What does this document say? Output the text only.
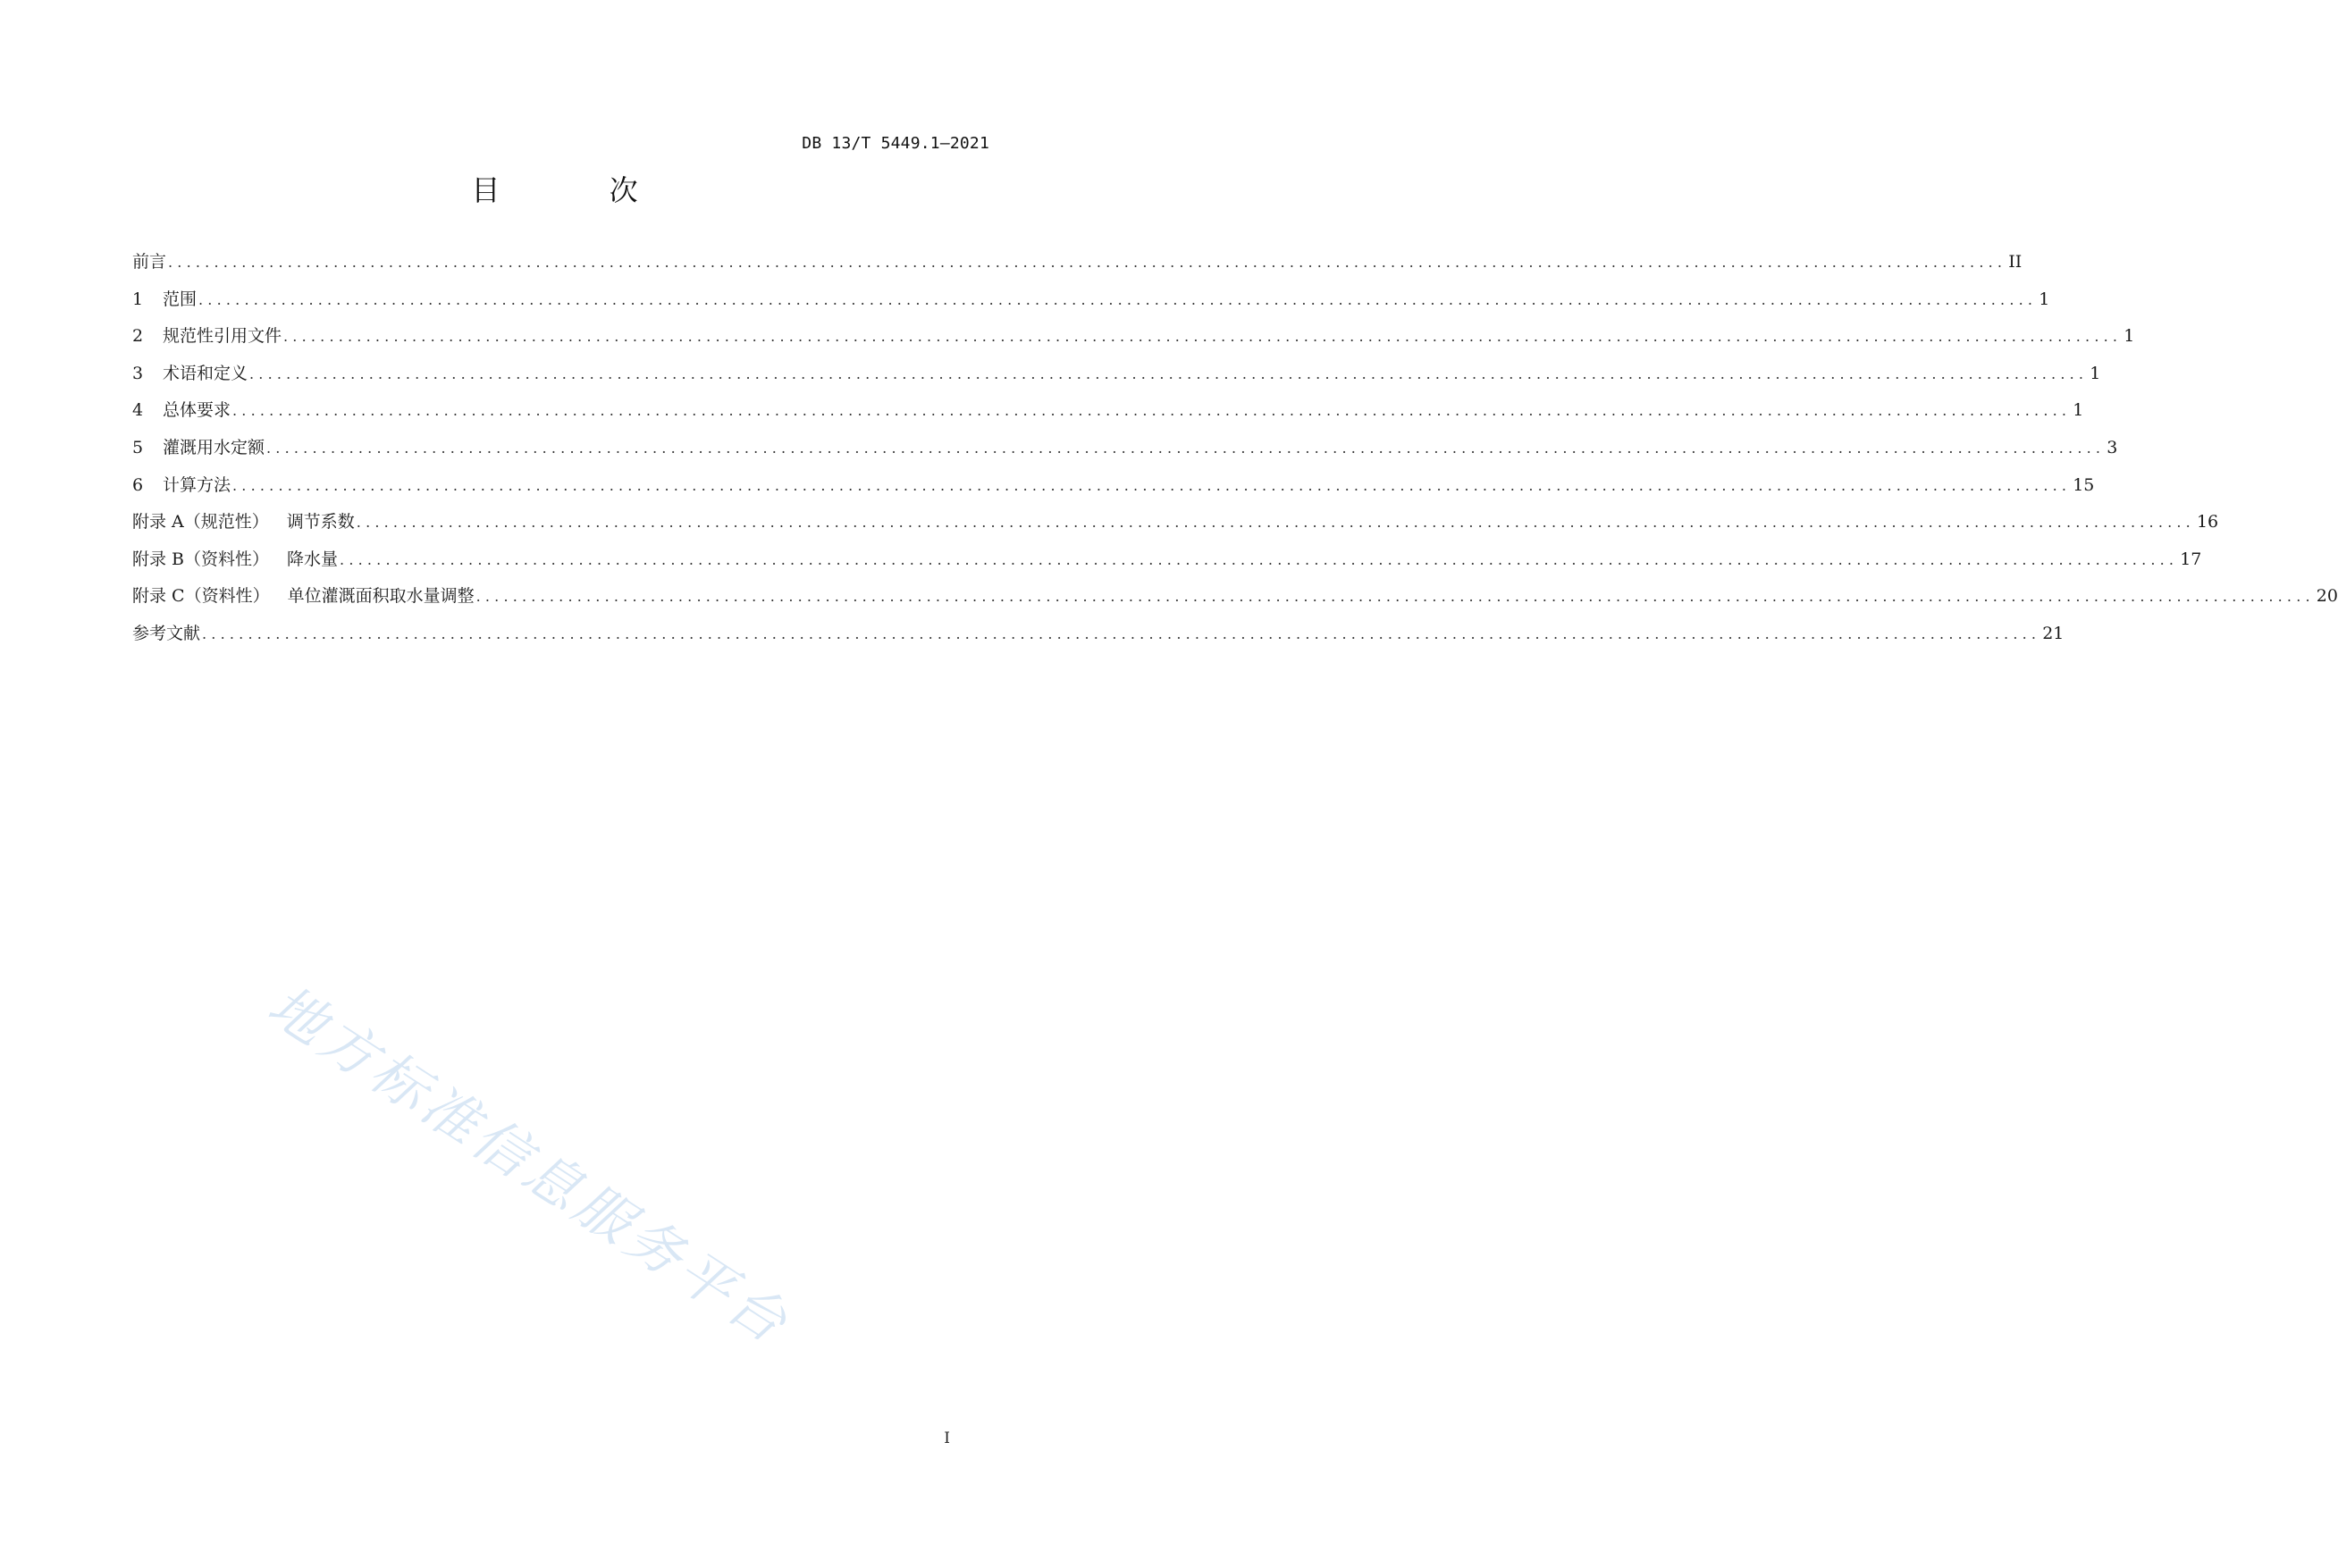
DB 13/T 5449.1—2021
目 次
前言 ........................................................................................................................................................................................................ II
1	范围 ........................................................................................................................................................................................................ 1
2	规范性引用文件 ........................................................................................................................................................................................................ 1
3	术语和定义 ........................................................................................................................................................................................................ 1
4	总体要求 ........................................................................................................................................................................................................ 1
5	灌溉用水定额 ........................................................................................................................................................................................................ 3
6	计算方法 ........................................................................................................................................................................................................ 15
附录 A（规范性） 调节系数 ........................................................................................................................................................................................................ 16
附录 B（资料性） 降水量 ........................................................................................................................................................................................................ 17
附录 C（资料性） 单位灌溉面积取水量调整 ........................................................................................................................................................................................................ 20
参考文献 ........................................................................................................................................................................................................ 21
地方标准信息服务平台
I
